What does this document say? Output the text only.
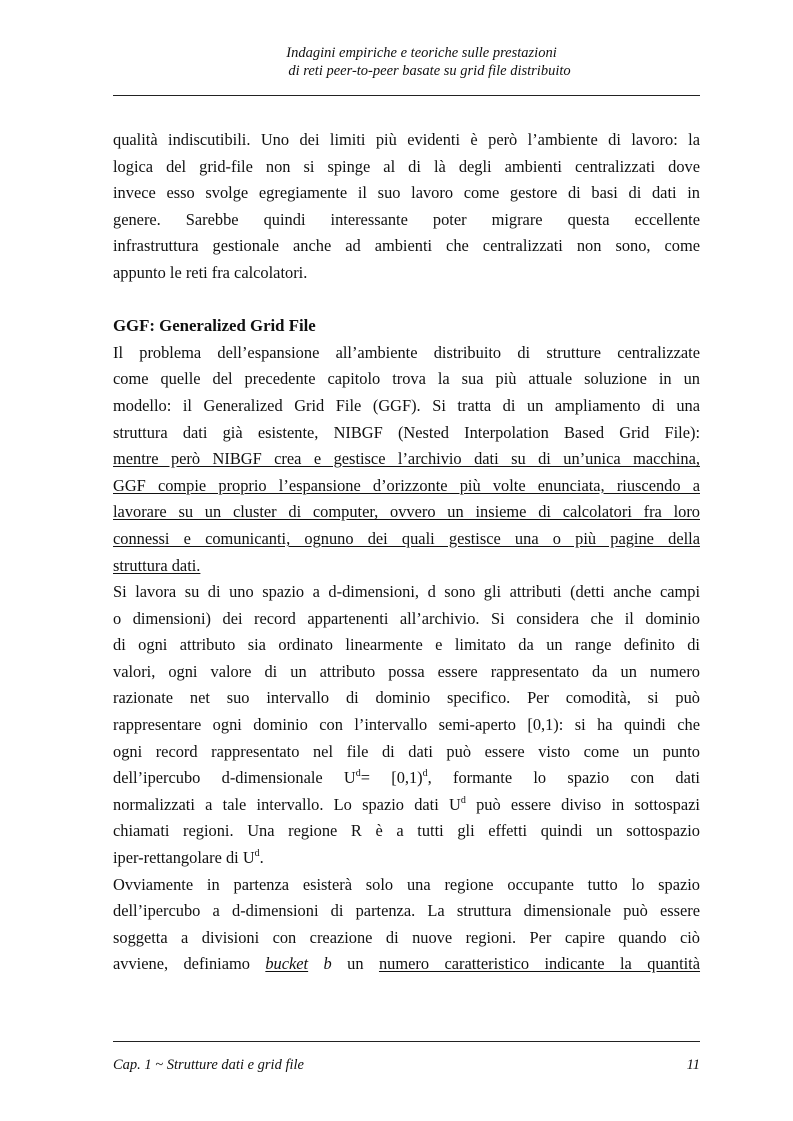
Indagini empiriche e teoriche sulle prestazioni
di reti peer-to-peer basate su grid file distribuito

qualità indiscutibili. Uno dei limiti più evidenti è però l’ambiente di lavoro: la
logica del grid-file non si spinge al di là degli ambienti centralizzati dove
invece esso svolge egregiamente il suo lavoro come gestore di basi di dati in
genere. Sarebbe quindi interessante poter migrare questa eccellente
infrastruttura gestionale anche ad ambienti che centralizzati non sono, come
appunto le reti fra calcolatori.

GGF: Generalized Grid File

Il problema dell’espansione all’ambiente distribuito di strutture centralizzate
come quelle del precedente capitolo trova la sua più attuale soluzione in un
modello: il Generalized Grid File (GGF). Si tratta di un ampliamento di una
struttura dati già esistente, NIBGF (Nested Interpolation Based Grid File):
mentre però NIBGF crea e gestisce l’archivio dati su di un’unica macchina,
GGF compie proprio l’espansione d’orizzonte più volte enunciata, riuscendo a
lavorare su un cluster di computer, ovvero un insieme di calcolatori fra loro
connessi e comunicanti, ognuno dei quali gestisce una o più pagine della
struttura dati.

Si lavora su di uno spazio a d-dimensioni, d sono gli attributi (detti anche campi
o dimensioni) dei record appartenenti all’archivio. Si considera che il dominio
di ogni attributo sia ordinato linearmente e limitato da un range definito di
valori, ogni valore di un attributo possa essere rappresentato da un numero
razionate net suo intervallo di dominio specifico. Per comodità, si può
rappresentare ogni dominio con l’intervallo semi-aperto [0,1): si ha quindi che
ogni record rappresentato nel file di dati può essere visto come un punto
dell’ipercubo d-dimensionale $U^d= [0,1)^d$, formante lo spazio con dati
normalizzati a tale intervallo. Lo spazio dati $U^d$ può essere diviso in sottospazi
chiamati regioni. Una regione R è a tutti gli effetti quindi un sottospazio
iper-rettangolare di $U^d$.

Ovviamente in partenza esisterà solo una regione occupante tutto lo spazio
dell’ipercubo a d-dimensioni di partenza. La struttura dimensionale può essere
soggetta a divisioni con creazione di nuove regioni. Per capire quando ciò
avviene, definiamo bucket b un numero caratteristico indicante la quantità

Cap. 1 ~ Strutture dati e grid file	11
